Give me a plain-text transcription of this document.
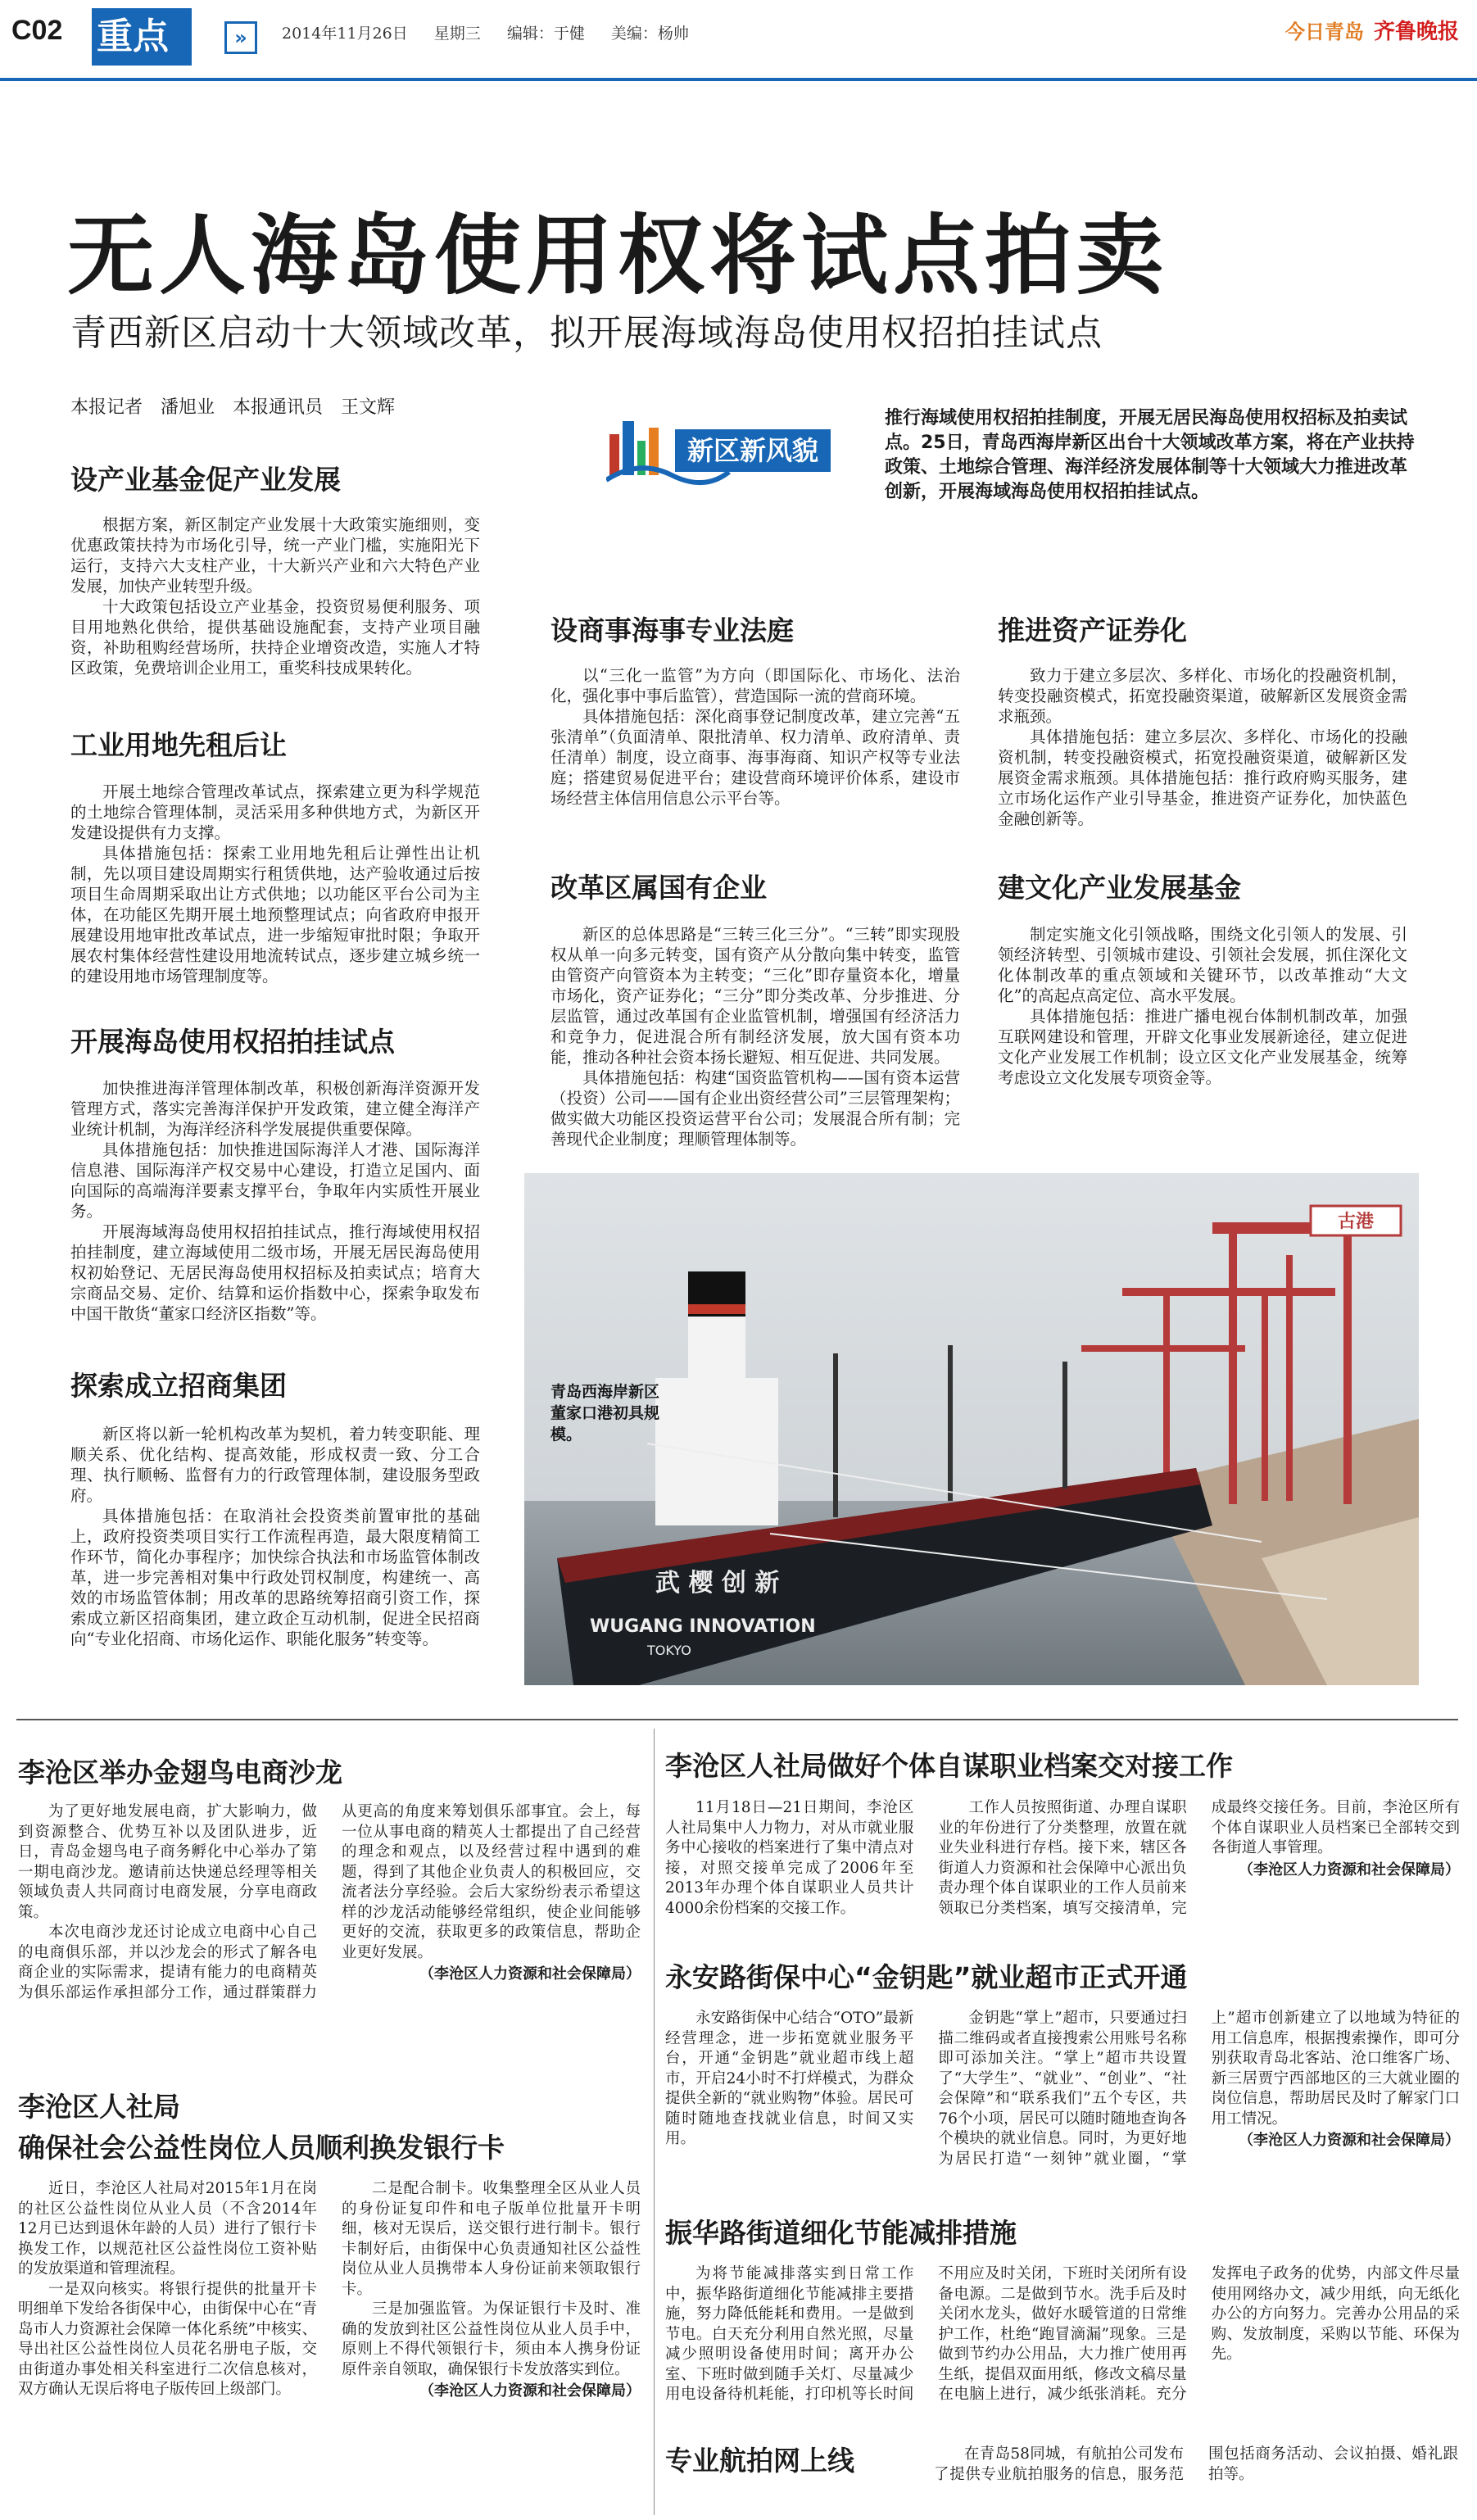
C02 重点	»	2014年11月26日 星期三 编辑：于健 美编：杨帅	今日青岛 齐鲁晚报
无人海岛使用权将试点拍卖
青西新区启动十大领域改革，拟开展海域海岛使用权招拍挂试点
本报记者　潘旭业　本报通讯员　王文辉
新区新风貌
推行海域使用权招拍挂制度，开展无居民海岛使用权招标及拍卖试点。25日，青岛西海岸新区出台十大领域改革方案，将在产业扶持政策、土地综合管理、海洋经济发展体制等十大领域大力推进改革创新，开展海域海岛使用权招拍挂试点。
设产业基金促产业发展

根据方案，新区制定产业发展十大政策实施细则，变优惠政策扶持为市场化引导，统一产业门槛，实施阳光下运行，支持六大支柱产业，十大新兴产业和六大特色产业发展，加快产业转型升级。

十大政策包括设立产业基金，投资贸易便利服务、项目用地熟化供给，提供基础设施配套，支持产业项目融资，补助租购经营场所，扶持企业增资改造，实施人才特区政策，免费培训企业用工，重奖科技成果转化。

工业用地先租后让

开展土地综合管理改革试点，探索建立更为科学规范的土地综合管理体制，灵活采用多种供地方式，为新区开发建设提供有力支撑。

具体措施包括：探索工业用地先租后让弹性出让机制，先以项目建设周期实行租赁供地，达产验收通过后按项目生命周期采取出让方式供地；以功能区平台公司为主体，在功能区先期开展土地预整理试点；向省政府申报开展建设用地审批改革试点，进一步缩短审批时限；争取开展农村集体经营性建设用地流转试点，逐步建立城乡统一的建设用地市场管理制度等。

开展海岛使用权招拍挂试点

加快推进海洋管理体制改革，积极创新海洋资源开发管理方式，落实完善海洋保护开发政策，建立健全海洋产业统计机制，为海洋经济科学发展提供重要保障。

具体措施包括：加快推进国际海洋人才港、国际海洋信息港、国际海洋产权交易中心建设，打造立足国内、面向国际的高端海洋要素支撑平台，争取年内实质性开展业务。

开展海域海岛使用权招拍挂试点，推行海域使用权招拍挂制度，建立海域使用二级市场，开展无居民海岛使用权初始登记、无居民海岛使用权招标及拍卖试点；培育大宗商品交易、定价、结算和运价指数中心，探索争取发布中国干散货“董家口经济区指数”等。

探索成立招商集团

新区将以新一轮机构改革为契机，着力转变职能、理顺关系、优化结构、提高效能，形成权责一致、分工合理、执行顺畅、监督有力的行政管理体制，建设服务型政府。

具体措施包括：在取消社会投资类前置审批的基础上，政府投资类项目实行工作流程再造，最大限度精简工作环节，简化办事程序；加快综合执法和市场监管体制改革，进一步完善相对集中行政处罚权制度，构建统一、高效的市场监管体制；用改革的思路统筹招商引资工作，探索成立新区招商集团，建立政企互动机制，促进全民招商向“专业化招商、市场化运作、职能化服务”转变等。

设商事海事专业法庭

以“三化一监管”为方向（即国际化、市场化、法治化，强化事中事后监管），营造国际一流的营商环境。

具体措施包括：深化商事登记制度改革，建立完善“五张清单”（负面清单、限批清单、权力清单、政府清单、责任清单）制度，设立商事、海事海商、知识产权等专业法庭；搭建贸易促进平台；建设营商环境评价体系，建设市场经营主体信用信息公示平台等。

改革区属国有企业

新区的总体思路是“三转三化三分”。“三转”即实现股权从单一向多元转变，国有资产从分散向集中转变，监管由管资产向管资本为主转变；“三化”即存量资本化，增量市场化，资产证券化；“三分”即分类改革、分步推进、分层监管，通过改革国有企业监管机制，增强国有经济活力和竞争力，促进混合所有制经济发展，放大国有资本功能，推动各种社会资本扬长避短、相互促进、共同发展。

具体措施包括：构建“国资监管机构——国有资本运营（投资）公司——国有企业出资经营公司”三层管理架构；做实做大功能区投资运营平台公司；发展混合所有制；完善现代企业制度；理顺管理体制等。

推进资产证券化

致力于建立多层次、多样化、市场化的投融资机制，转变投融资模式，拓宽投融资渠道，破解新区发展资金需求瓶颈。

具体措施包括：建立多层次、多样化、市场化的投融资机制，转变投融资模式，拓宽投融资渠道，破解新区发展资金需求瓶颈。具体措施包括：推行政府购买服务，建立市场化运作产业引导基金，推进资产证券化，加快蓝色金融创新等。

建文化产业发展基金

制定实施文化引领战略，围绕文化引领人的发展、引领经济转型、引领城市建设、引领社会发展，抓住深化文化体制改革的重点领域和关键环节，以改革推动“大文化”的高起点高定位、高水平发展。

具体措施包括：推进广播电视台体制机制改革，加强互联网建设和管理，开辟文化事业发展新途径，建立促进文化产业发展工作机制；设立区文化产业发展基金，统筹考虑设立文化发展专项资金等。

古港
武 樱 创 新
WUGANG INNOVATION
TOKYO
青岛西海岸新区董家口港初具规模。
李沧区举办金翅鸟电商沙龙

为了更好地发展电商，扩大影响力，做到资源整合、优势互补以及团队进步，近日，青岛金翅鸟电子商务孵化中心举办了第一期电商沙龙。邀请前达快递总经理等相关领域负责人共同商讨电商发展，分享电商政策。

本次电商沙龙还讨论成立电商中心自己的电商俱乐部，并以沙龙会的形式了解各电商企业的实际需求，提请有能力的电商精英为俱乐部运作承担部分工作，通过群策群力从更高的角度来筹划俱乐部事宜。会上，每一位从事电商的精英人士都提出了自己经营的理念和观点，以及经营过程中遇到的难题，得到了其他企业负责人的积极回应，交流者法分享经验。会后大家纷纷表示希望这样的沙龙活动能够经常组织，使企业间能够更好的交流，获取更多的政策信息，帮助企业更好发展。

（李沧区人力资源和社会保障局）
李沧区人社局做好个体自谋职业档案交对接工作

11月18日—21日期间，李沧区人社局集中人力物力，对从市就业服务中心接收的档案进行了集中清点对接，对照交接单完成了2006年至2013年办理个体自谋职业人员共计4000余份档案的交接工作。

工作人员按照街道、办理自谋职业的年份进行了分类整理，放置在就业失业科进行存档。接下来，辖区各街道人力资源和社会保障中心派出负责办理个体自谋职业的工作人员前来领取已分类档案，填写交接清单，完成最终交接任务。目前，李沧区所有个体自谋职业人员档案已全部转交到各街道人事管理。

（李沧区人力资源和社会保障局）
永安路街保中心“金钥匙”就业超市正式开通

永安路街保中心结合“OTO”最新经营理念，进一步拓宽就业服务平台，开通“金钥匙”就业超市线上超市，开启24小时不打烊模式，为群众提供全新的“就业购物”体验。居民可随时随地查找就业信息，时间又实用。

金钥匙“掌上”超市，只要通过扫描二维码或者直接搜索公用账号名称即可添加关注。“掌上”超市共设置了“大学生”、“就业”、“创业”、“社会保障”和“联系我们”五个专区，共76个小项，居民可以随时随地查询各个模块的就业信息。同时，为更好地为居民打造“一刻钟”就业圈，“掌上”超市创新建立了以地域为特征的用工信息库，根据搜索操作，即可分别获取青岛北客站、沧口维客广场、新三居贾宁西部地区的三大就业圈的岗位信息，帮助居民及时了解家门口用工情况。

（李沧区人力资源和社会保障局）
李沧区人社局
确保社会公益性岗位人员顺利换发银行卡

近日，李沧区人社局对2015年1月在岗的社区公益性岗位从业人员（不含2014年12月已达到退休年龄的人员）进行了银行卡换发工作，以规范社区公益性岗位工资补贴的发放渠道和管理流程。

一是双向核实。将银行提供的批量开卡明细单下发给各街保中心，由街保中心在“青岛市人力资源社会保障一体化系统”中核实、导出社区公益性岗位人员花名册电子版，交由街道办事处相关科室进行二次信息核对，双方确认无误后将电子版传回上级部门。

二是配合制卡。收集整理全区从业人员的身份证复印件和电子版单位批量开卡明细，核对无误后，送交银行进行制卡。银行卡制好后，由街保中心负责通知社区公益性岗位从业人员携带本人身份证前来领取银行卡。

三是加强监管。为保证银行卡及时、准确的发放到社区公益性岗位从业人员手中，原则上不得代领银行卡，须由本人携身份证原件亲自领取，确保银行卡发放落实到位。

（李沧区人力资源和社会保障局）
振华路街道细化节能减排措施

为将节能减排落实到日常工作中，振华路街道细化节能减排主要措施，努力降低能耗和费用。一是做到节电。白天充分利用自然光照，尽量减少照明设备使用时间；离开办公室、下班时做到随手关灯、尽量减少用电设备待机耗能，打印机等长时间不用应及时关闭，下班时关闭所有设备电源。二是做到节水。洗手后及时关闭水龙头，做好水暖管道的日常维护工作，杜绝“跑冒滴漏”现象。三是做到节约办公用品，大力推广使用再生纸，提倡双面用纸，修改文稿尽量在电脑上进行，减少纸张消耗。充分发挥电子政务的优势，内部文件尽量使用网络办文，减少用纸，向无纸化办公的方向努力。完善办公用品的采购、发放制度，采购以节能、环保为先。

专业航拍网上线	在青岛58同城，有航拍公司发布了提供专业航拍服务的信息，服务范围包括商务活动、会议拍摄、婚礼跟拍等。
